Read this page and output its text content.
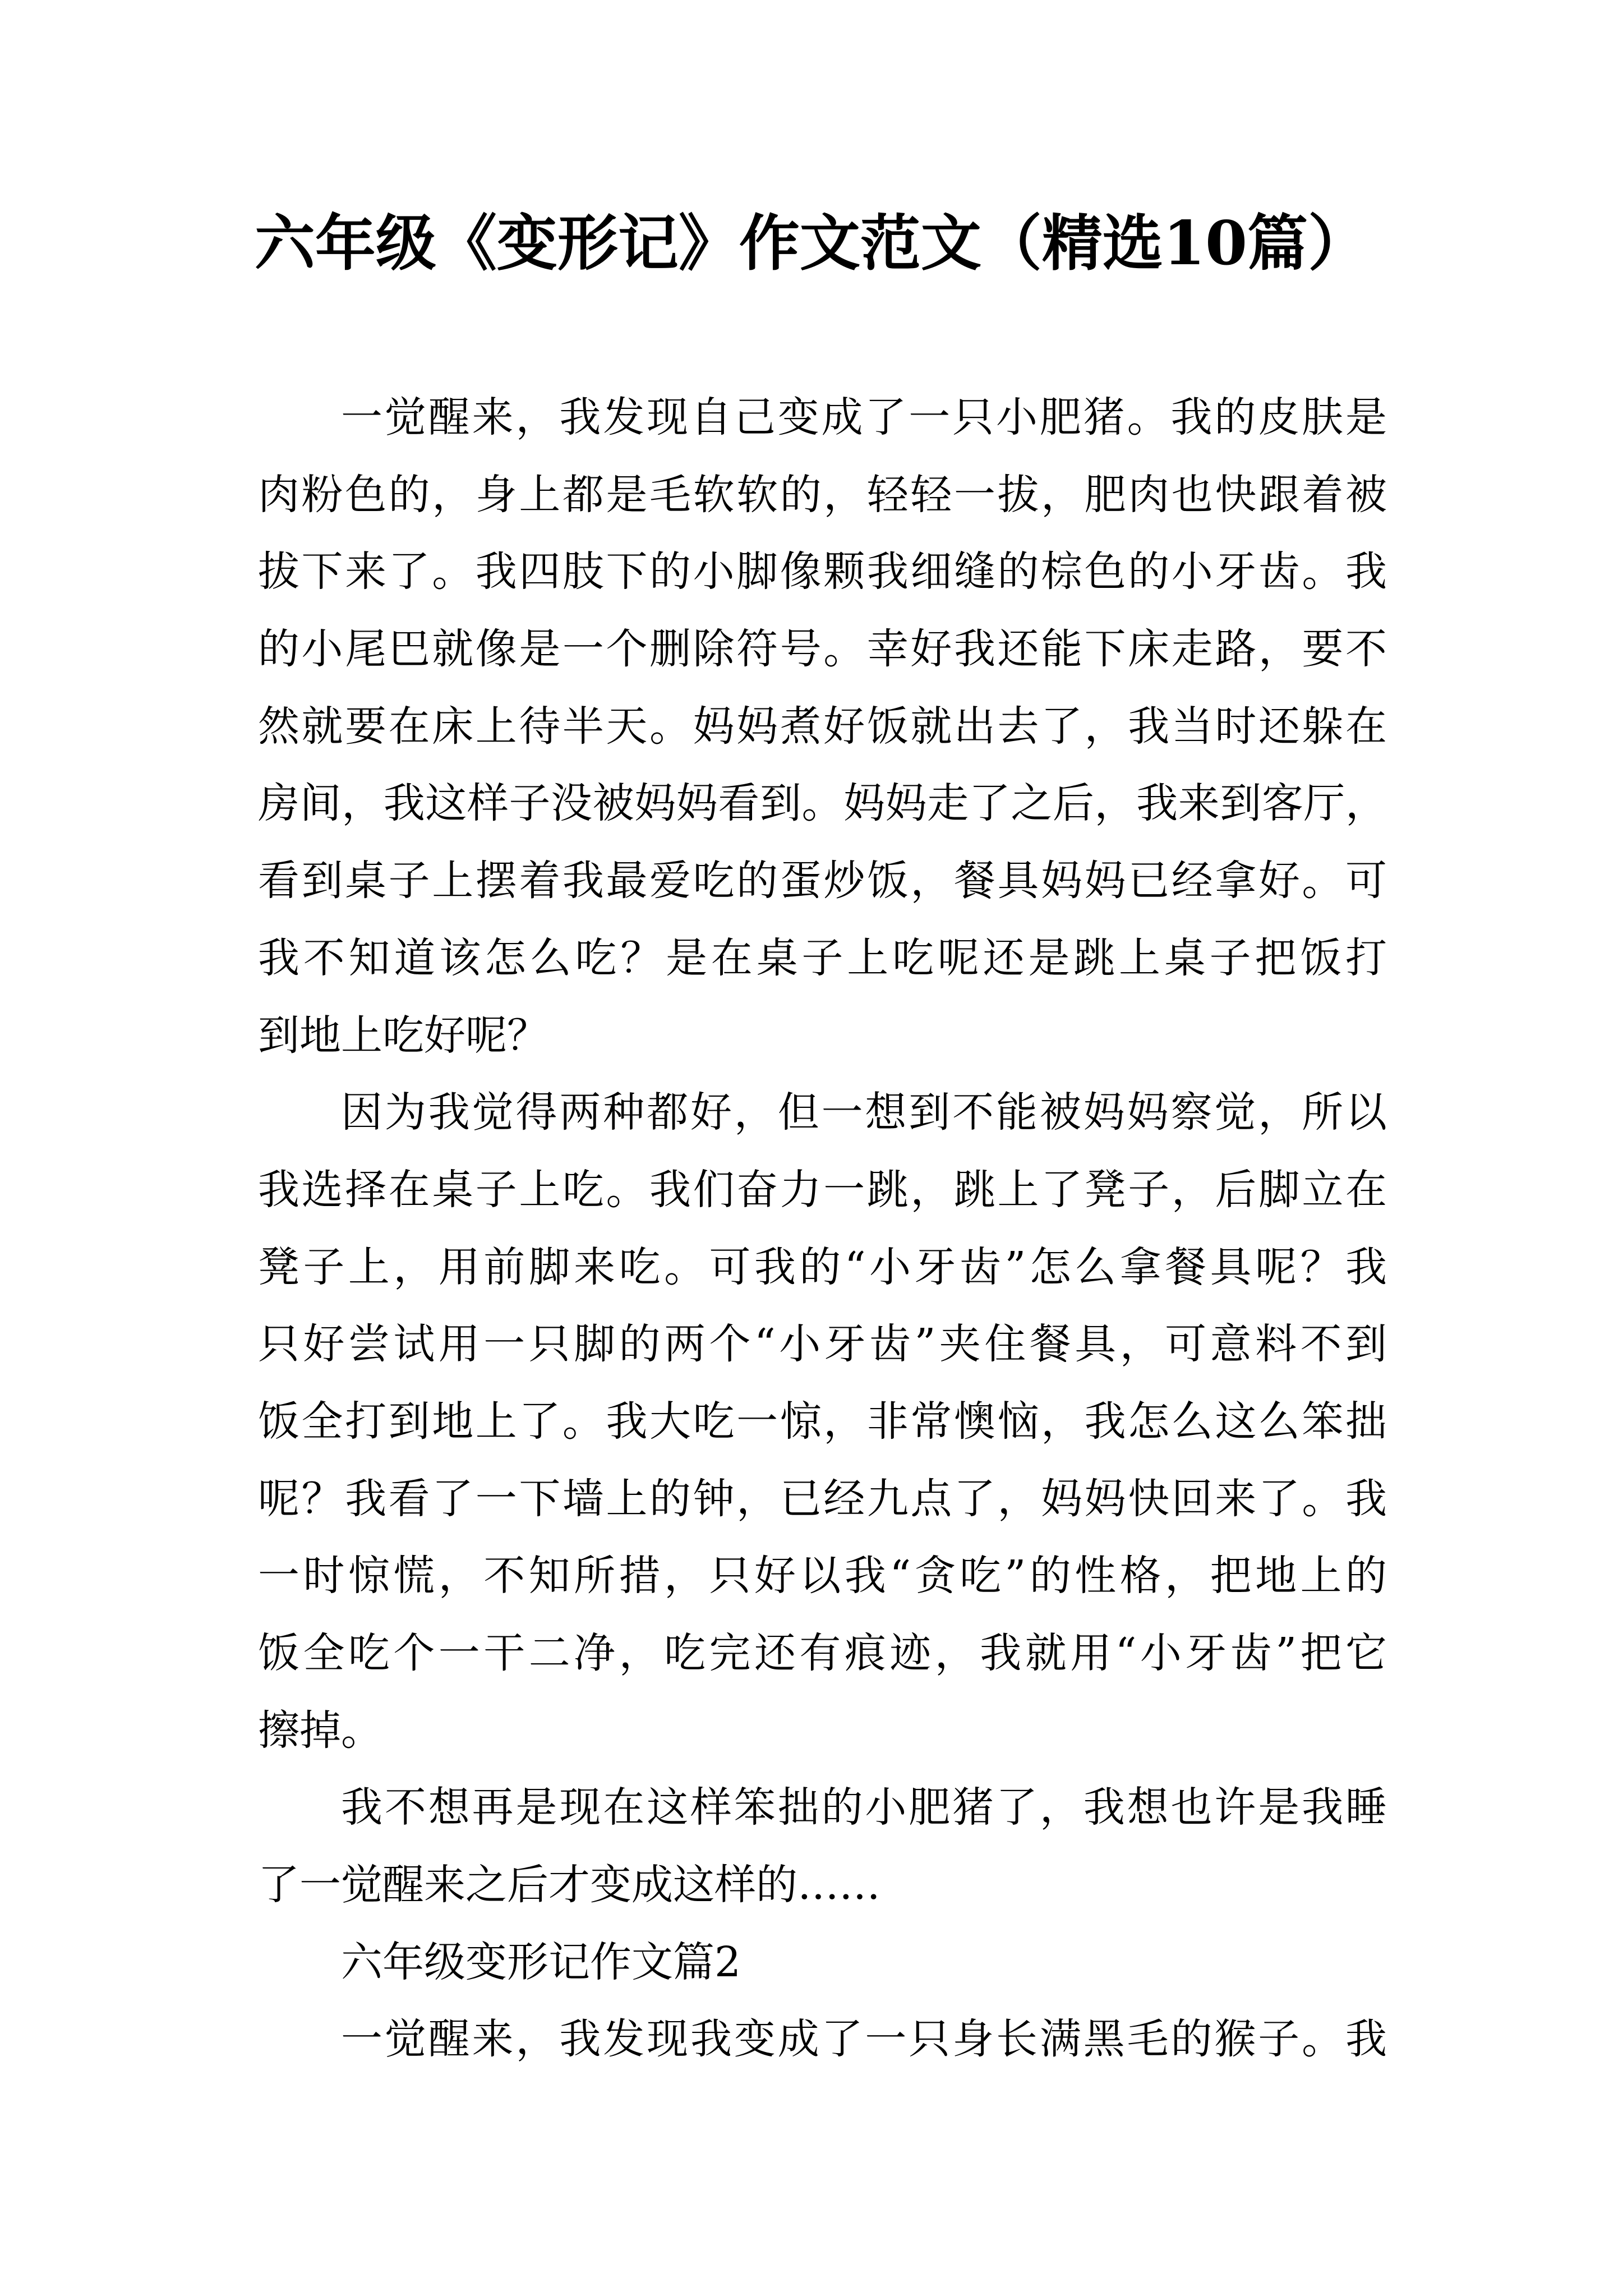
六年级《变形记》作文范文（精选10篇）
一觉醒来，我发现自己变成了一只小肥猪。我的皮肤是
肉粉色的，身上都是毛软软的，轻轻一拔，肥肉也快跟着被
拔下来了。我四肢下的小脚像颗我细缝的棕色的小牙齿。我
的小尾巴就像是一个删除符号。幸好我还能下床走路，要不
然就要在床上待半天。妈妈煮好饭就出去了，我当时还躲在
房间，我这样子没被妈妈看到。妈妈走了之后，我来到客厅，
看到桌子上摆着我最爱吃的蛋炒饭，餐具妈妈已经拿好。可
我不知道该怎么吃？是在桌子上吃呢还是跳上桌子把饭打
到地上吃好呢？
因为我觉得两种都好，但一想到不能被妈妈察觉，所以
我选择在桌子上吃。我们奋力一跳，跳上了凳子，后脚立在
凳子上，用前脚来吃。可我的“小牙齿”怎么拿餐具呢？我
只好尝试用一只脚的两个“小牙齿”夹住餐具，可意料不到
饭全打到地上了。我大吃一惊，非常懊恼，我怎么这么笨拙
呢？我看了一下墙上的钟，已经九点了，妈妈快回来了。我
一时惊慌，不知所措，只好以我“贪吃”的性格，把地上的
饭全吃个一干二净，吃完还有痕迹，我就用“小牙齿”把它
擦掉。
我不想再是现在这样笨拙的小肥猪了，我想也许是我睡
了一觉醒来之后才变成这样的……
六年级变形记作文篇2
一觉醒来，我发现我变成了一只身长满黑毛的猴子。我
